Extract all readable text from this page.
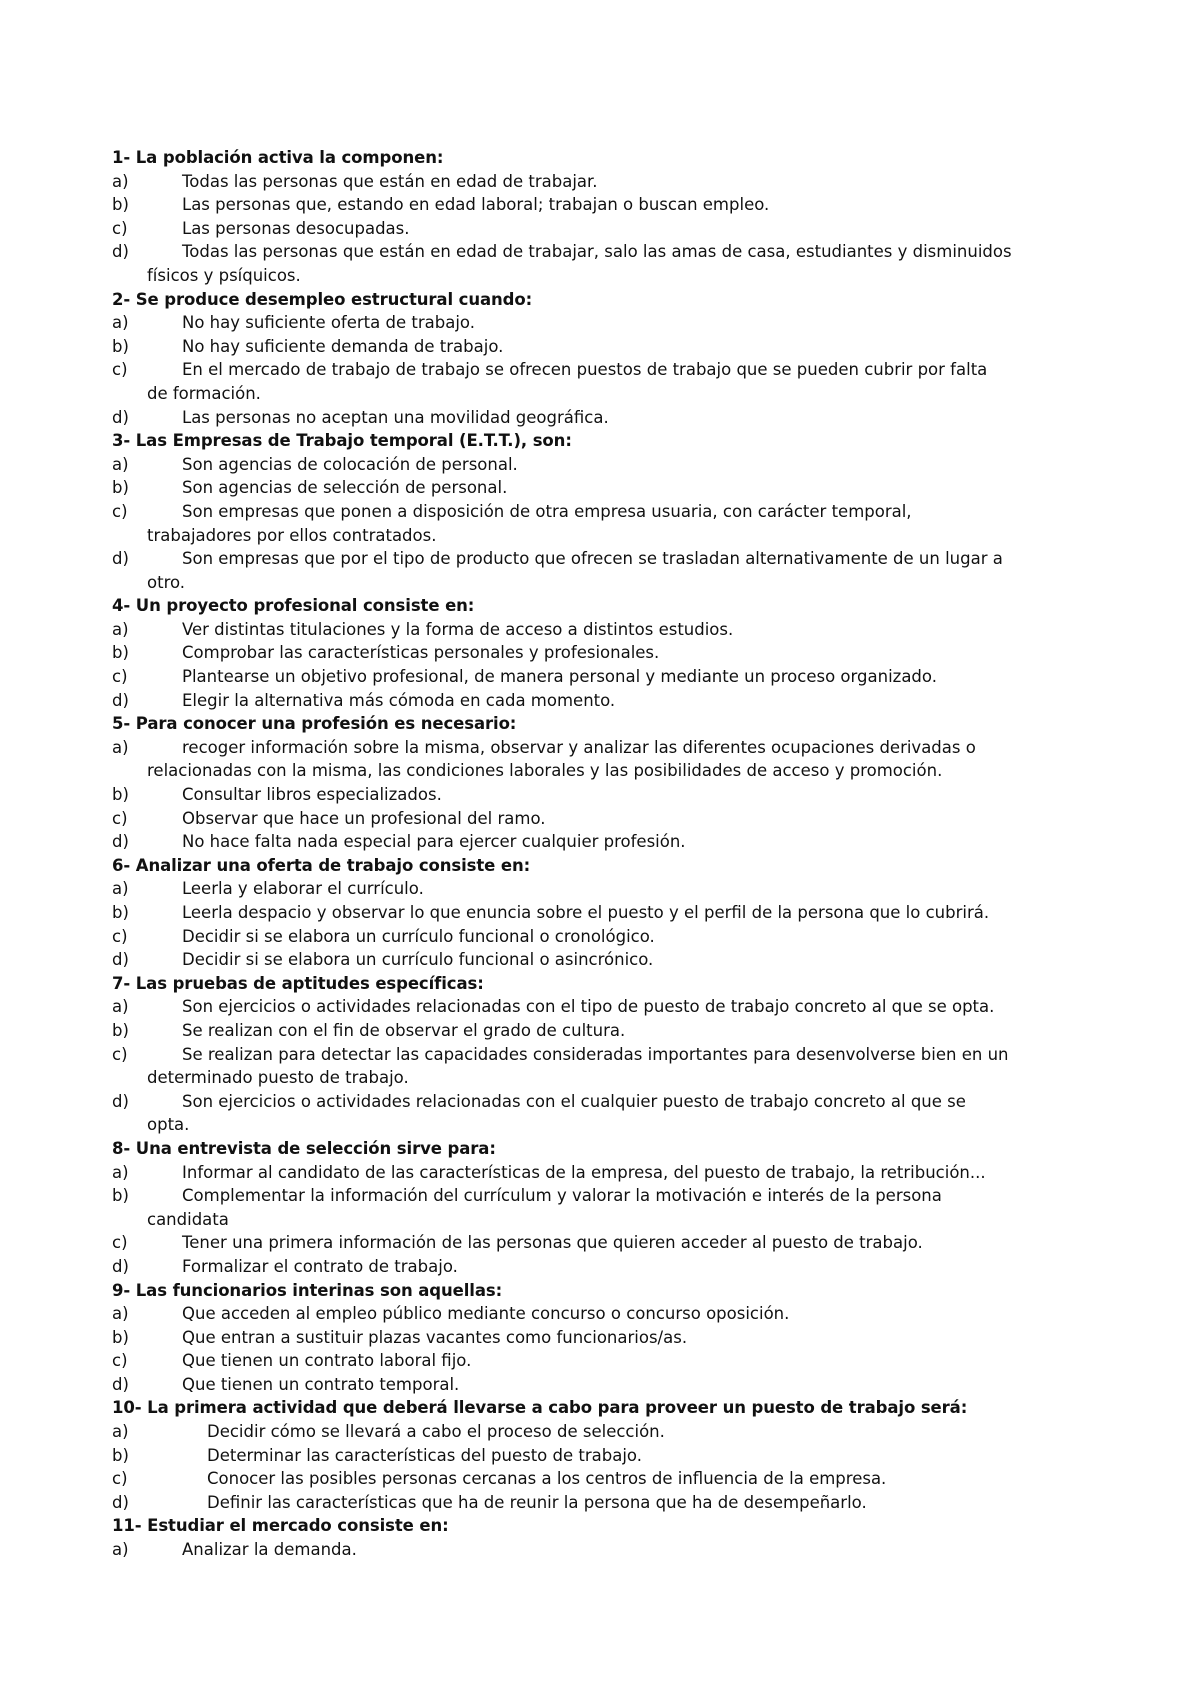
1- La población activa la componen:
a)	Todas las personas que están en edad de trabajar.
b)	Las personas que, estando en edad laboral; trabajan o buscan empleo.
c)	Las personas desocupadas.
d)	Todas las personas que están en edad de trabajar, salo las amas de casa, estudiantes y disminuidos
físicos y psíquicos.
2- Se produce desempleo estructural cuando:
a)	No hay suficiente oferta de trabajo.
b)	No hay suficiente demanda de trabajo.
c)	En el mercado de trabajo de trabajo se ofrecen puestos de trabajo que se pueden cubrir por falta
de formación.
d)	Las personas no aceptan una movilidad geográfica.
3- Las Empresas de Trabajo temporal (E.T.T.), son:
a)	Son agencias de colocación de personal.
b)	Son agencias de selección de personal.
c)	Son empresas que ponen a disposición de otra empresa usuaria, con carácter temporal,
trabajadores por ellos contratados.
d)	Son empresas que por el tipo de producto que ofrecen se trasladan alternativamente de un lugar a
otro.
4- Un proyecto profesional consiste en:
a)	Ver distintas titulaciones y la forma de acceso a distintos estudios.
b)	Comprobar las características personales y profesionales.
c)	Plantearse un objetivo profesional, de manera personal y mediante un proceso organizado.
d)	Elegir la alternativa más cómoda en cada momento.
5- Para conocer una profesión es necesario:
a)	recoger información sobre la misma, observar y analizar las diferentes ocupaciones derivadas o
relacionadas con la misma, las condiciones laborales y las posibilidades de acceso y promoción.
b)	Consultar libros especializados.
c)	Observar que hace un profesional del ramo.
d)	No hace falta nada especial para ejercer cualquier profesión.
6- Analizar una oferta de trabajo consiste en:
a)	Leerla y elaborar el currículo.
b)	Leerla despacio y observar lo que enuncia sobre el puesto y el perfil de la persona que lo cubrirá.
c)	Decidir si se elabora un currículo funcional o cronológico.
d)	Decidir si se elabora un currículo funcional o asincrónico.
7- Las pruebas de aptitudes específicas:
a)	Son ejercicios o actividades relacionadas con el tipo de puesto de trabajo concreto al que se opta.
b)	Se realizan con el fin de observar el grado de cultura.
c)	Se realizan para detectar las capacidades consideradas importantes para desenvolverse bien en un
determinado puesto de trabajo.
d)	Son ejercicios o actividades relacionadas con el cualquier puesto de trabajo concreto al que se
opta.
8- Una entrevista de selección sirve para:
a)	Informar al candidato de las características de la empresa, del puesto de trabajo, la retribución...
b)	Complementar la información del currículum y valorar la motivación e interés de la persona
candidata
c)	Tener una primera información de las personas que quieren acceder al puesto de trabajo.
d)	Formalizar el contrato de trabajo.
9- Las funcionarios interinas son aquellas:
a)	Que acceden al empleo público mediante concurso o concurso oposición.
b)	Que entran a sustituir plazas vacantes como funcionarios/as.
c)	Que tienen un contrato laboral fijo.
d)	Que tienen un contrato temporal.
10- La primera actividad que deberá llevarse a cabo para proveer un puesto de trabajo será:
a)	Decidir cómo se llevará a cabo el proceso de selección.
b)	Determinar las características del puesto de trabajo.
c)	Conocer las posibles personas cercanas a los centros de influencia de la empresa.
d)	Definir las características que ha de reunir la persona que ha de desempeñarlo.
11- Estudiar el mercado consiste en:
a)	Analizar la demanda.
